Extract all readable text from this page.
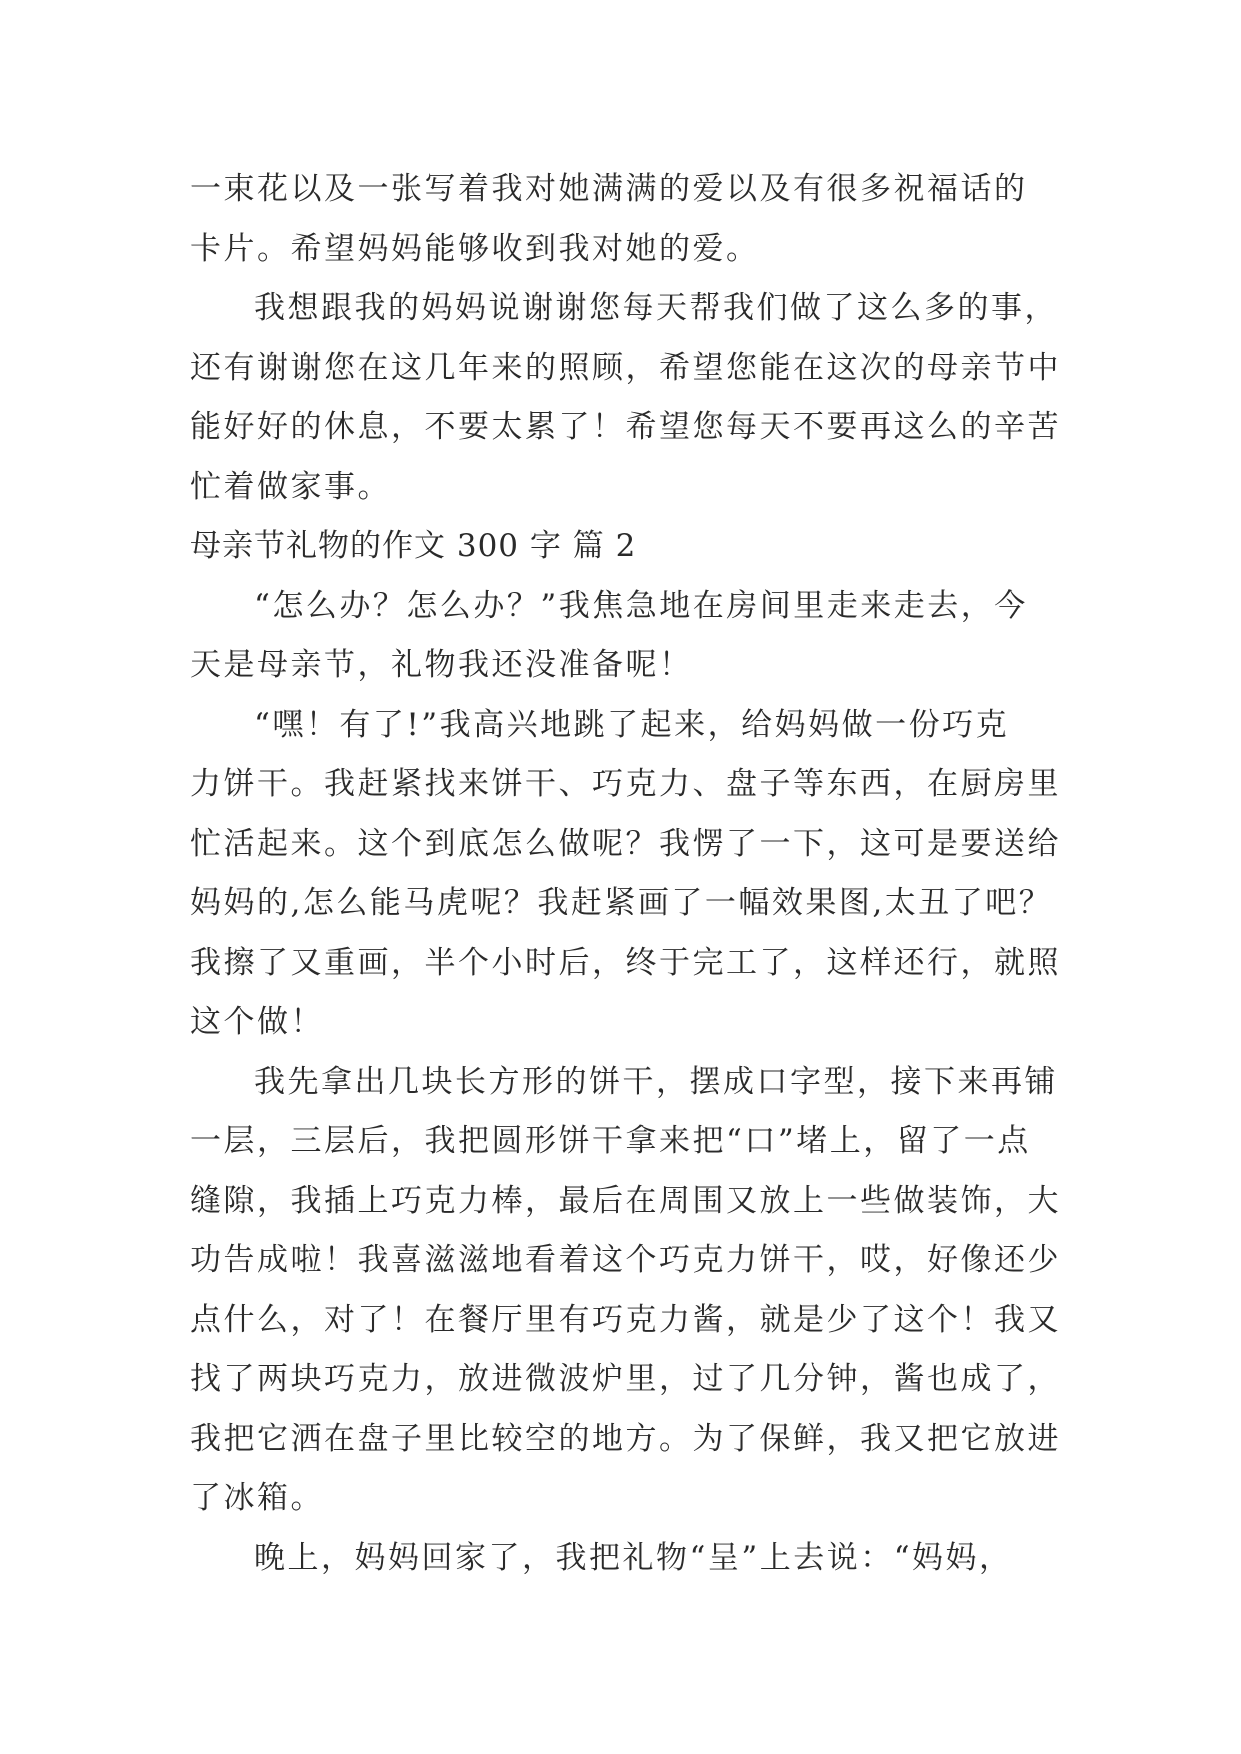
一束花以及一张写着我对她满满的爱以及有很多祝福话的
卡片。希望妈妈能够收到我对她的爱。
我想跟我的妈妈说谢谢您每天帮我们做了这么多的事，
还有谢谢您在这几年来的照顾，希望您能在这次的母亲节中
能好好的休息，不要太累了！希望您每天不要再这么的辛苦
忙着做家事。
母亲节礼物的作文 300 字 篇 2
“怎么办？怎么办？”我焦急地在房间里走来走去，今
天是母亲节，礼物我还没准备呢！
“嘿！有了!”我高兴地跳了起来，给妈妈做一份巧克
力饼干。我赶紧找来饼干、巧克力、盘子等东西，在厨房里
忙活起来。这个到底怎么做呢？我愣了一下，这可是要送给
妈妈的,怎么能马虎呢？我赶紧画了一幅效果图,太丑了吧？
我擦了又重画，半个小时后，终于完工了，这样还行，就照
这个做！
我先拿出几块长方形的饼干，摆成口字型，接下来再铺
一层，三层后，我把圆形饼干拿来把“口”堵上，留了一点
缝隙，我插上巧克力棒，最后在周围又放上一些做装饰，大
功告成啦！我喜滋滋地看着这个巧克力饼干，哎，好像还少
点什么，对了！在餐厅里有巧克力酱，就是少了这个！我又
找了两块巧克力，放进微波炉里，过了几分钟，酱也成了，
我把它洒在盘子里比较空的地方。为了保鲜，我又把它放进
了冰箱。
晚上，妈妈回家了，我把礼物“呈”上去说：“妈妈，
